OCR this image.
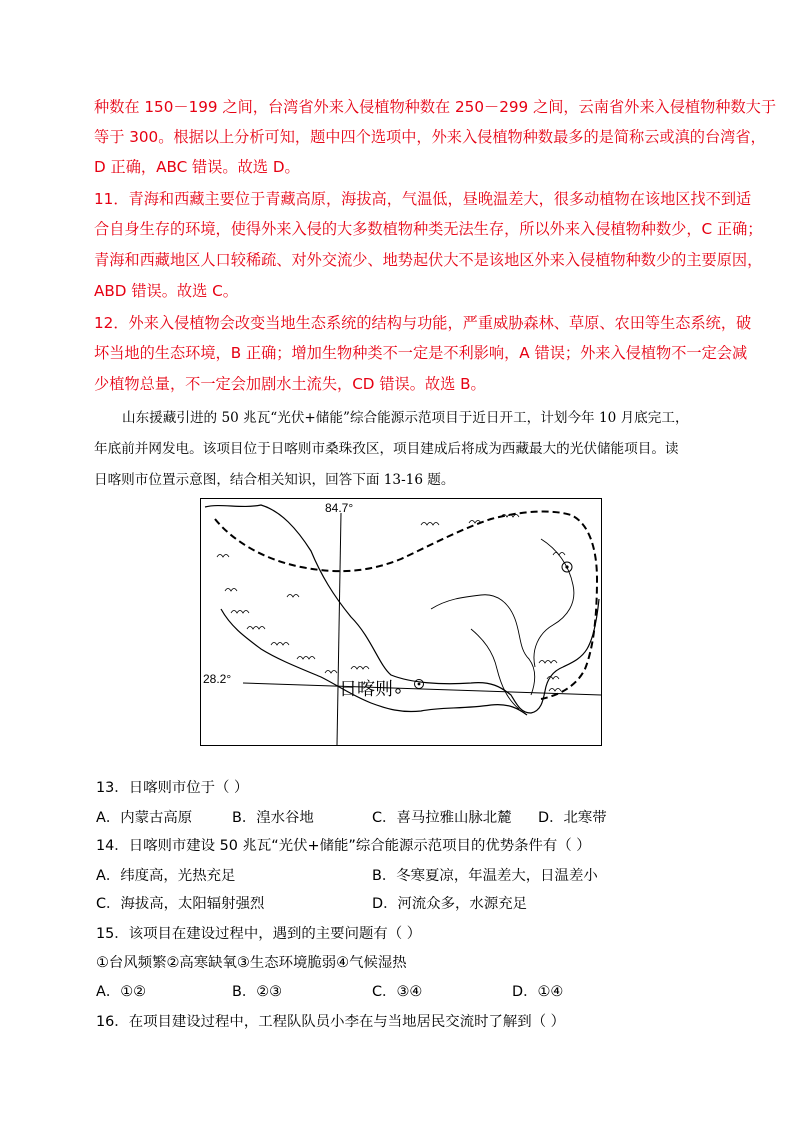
种数在 150－199 之间，台湾省外来入侵植物种数在 250－299 之间，云南省外来入侵植物种数大于
等于 300。根据以上分析可知，题中四个选项中，外来入侵植物种数最多的是简称云或滇的台湾省，
D 正确，ABC 错误。故选 D。
11．青海和西藏主要位于青藏高原，海拔高，气温低，昼晚温差大，很多动植物在该地区找不到适
合自身生存的环境，使得外来入侵的大多数植物种类无法生存，所以外来入侵植物种数少，C 正确；
青海和西藏地区人口较稀疏、对外交流少、地势起伏大不是该地区外来入侵植物种数少的主要原因，
ABD 错误。故选 C。
12．外来入侵植物会改变当地生态系统的结构与功能，严重威胁森林、草原、农田等生态系统，破
坏当地的生态环境，B 正确；增加生物种类不一定是不利影响，A 错误；外来入侵植物不一定会减
少植物总量，不一定会加剧水土流失，CD 错误。故选 B。
山东援藏引进的 50 兆瓦“光伏+储能”综合能源示范项目于近日开工，计划今年 10 月底完工，
年底前并网发电。该项目位于日喀则市桑珠孜区，项目建成后将成为西藏最大的光伏储能项目。读
日喀则市位置示意图，结合相关知识，回答下面 13-16 题。
84.7°
28.2°	日喀则
13．日喀则市位于（ ）
A．内蒙古高原	B．湟水谷地	C．喜马拉雅山脉北麓 D．北寒带
14．日喀则市建设 50 兆瓦“光伏+储能”综合能源示范项目的优势条件有（ ）
A．纬度高，光热充足	B．冬寒夏凉，年温差大，日温差小
C．海拔高，太阳辐射强烈	D．河流众多，水源充足
15．该项目在建设过程中，遇到的主要问题有（ ）
①台风频繁②高寒缺氧③生态环境脆弱④气候湿热
A．①②	B．②③	C．③④	D．①④
16．在项目建设过程中，工程队队员小李在与当地居民交流时了解到（ ）
